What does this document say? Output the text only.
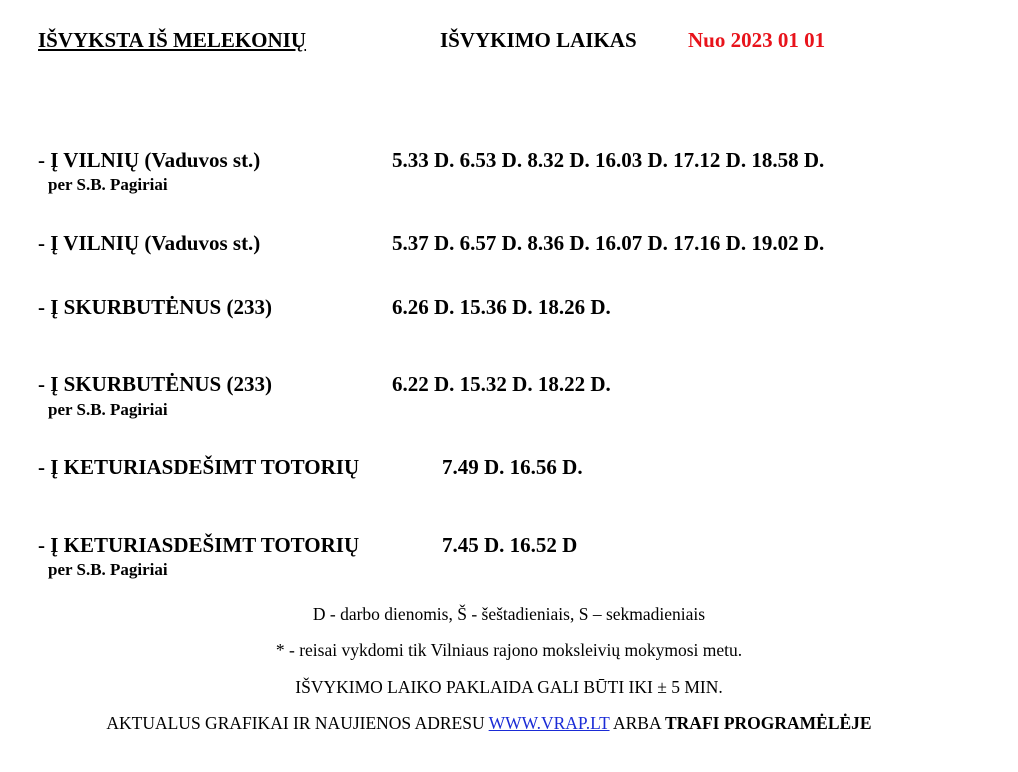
IŠVYKSTA IŠ MELEKONIŲ	IŠVYKIMO LAIKAS Nuo 2023 01 01
- Į VILNIŲ (Vaduvos st.)	5.33 D. 6.53 D. 8.32 D. 16.03 D. 17.12 D. 18.58 D.
per S.B. Pagiriai
- Į VILNIŲ (Vaduvos st.)	5.37 D. 6.57 D. 8.36 D. 16.07 D. 17.16 D. 19.02 D.
- Į SKURBUTĖNUS (233)	6.26 D. 15.36 D. 18.26 D.
- Į SKURBUTĖNUS (233)	6.22 D. 15.32 D. 18.22 D.
per S.B. Pagiriai
- Į KETURIASDEŠIMT TOTORIŲ	7.49 D. 16.56 D.
- Į KETURIASDEŠIMT TOTORIŲ	7.45 D. 16.52 D
per S.B. Pagiriai
D - darbo dienomis, Š - šeštadieniais, S – sekmadieniais
* - reisai vykdomi tik Vilniaus rajono moksleivių mokymosi metu.
IŠVYKIMO LAIKO PAKLAIDA GALI BŪTI IKI ± 5 MIN.
AKTUALUS GRAFIKAI IR NAUJIENOS ADRESU WWW.VRAP.LT ARBA TRAFI PROGRAMĖLĖJE
